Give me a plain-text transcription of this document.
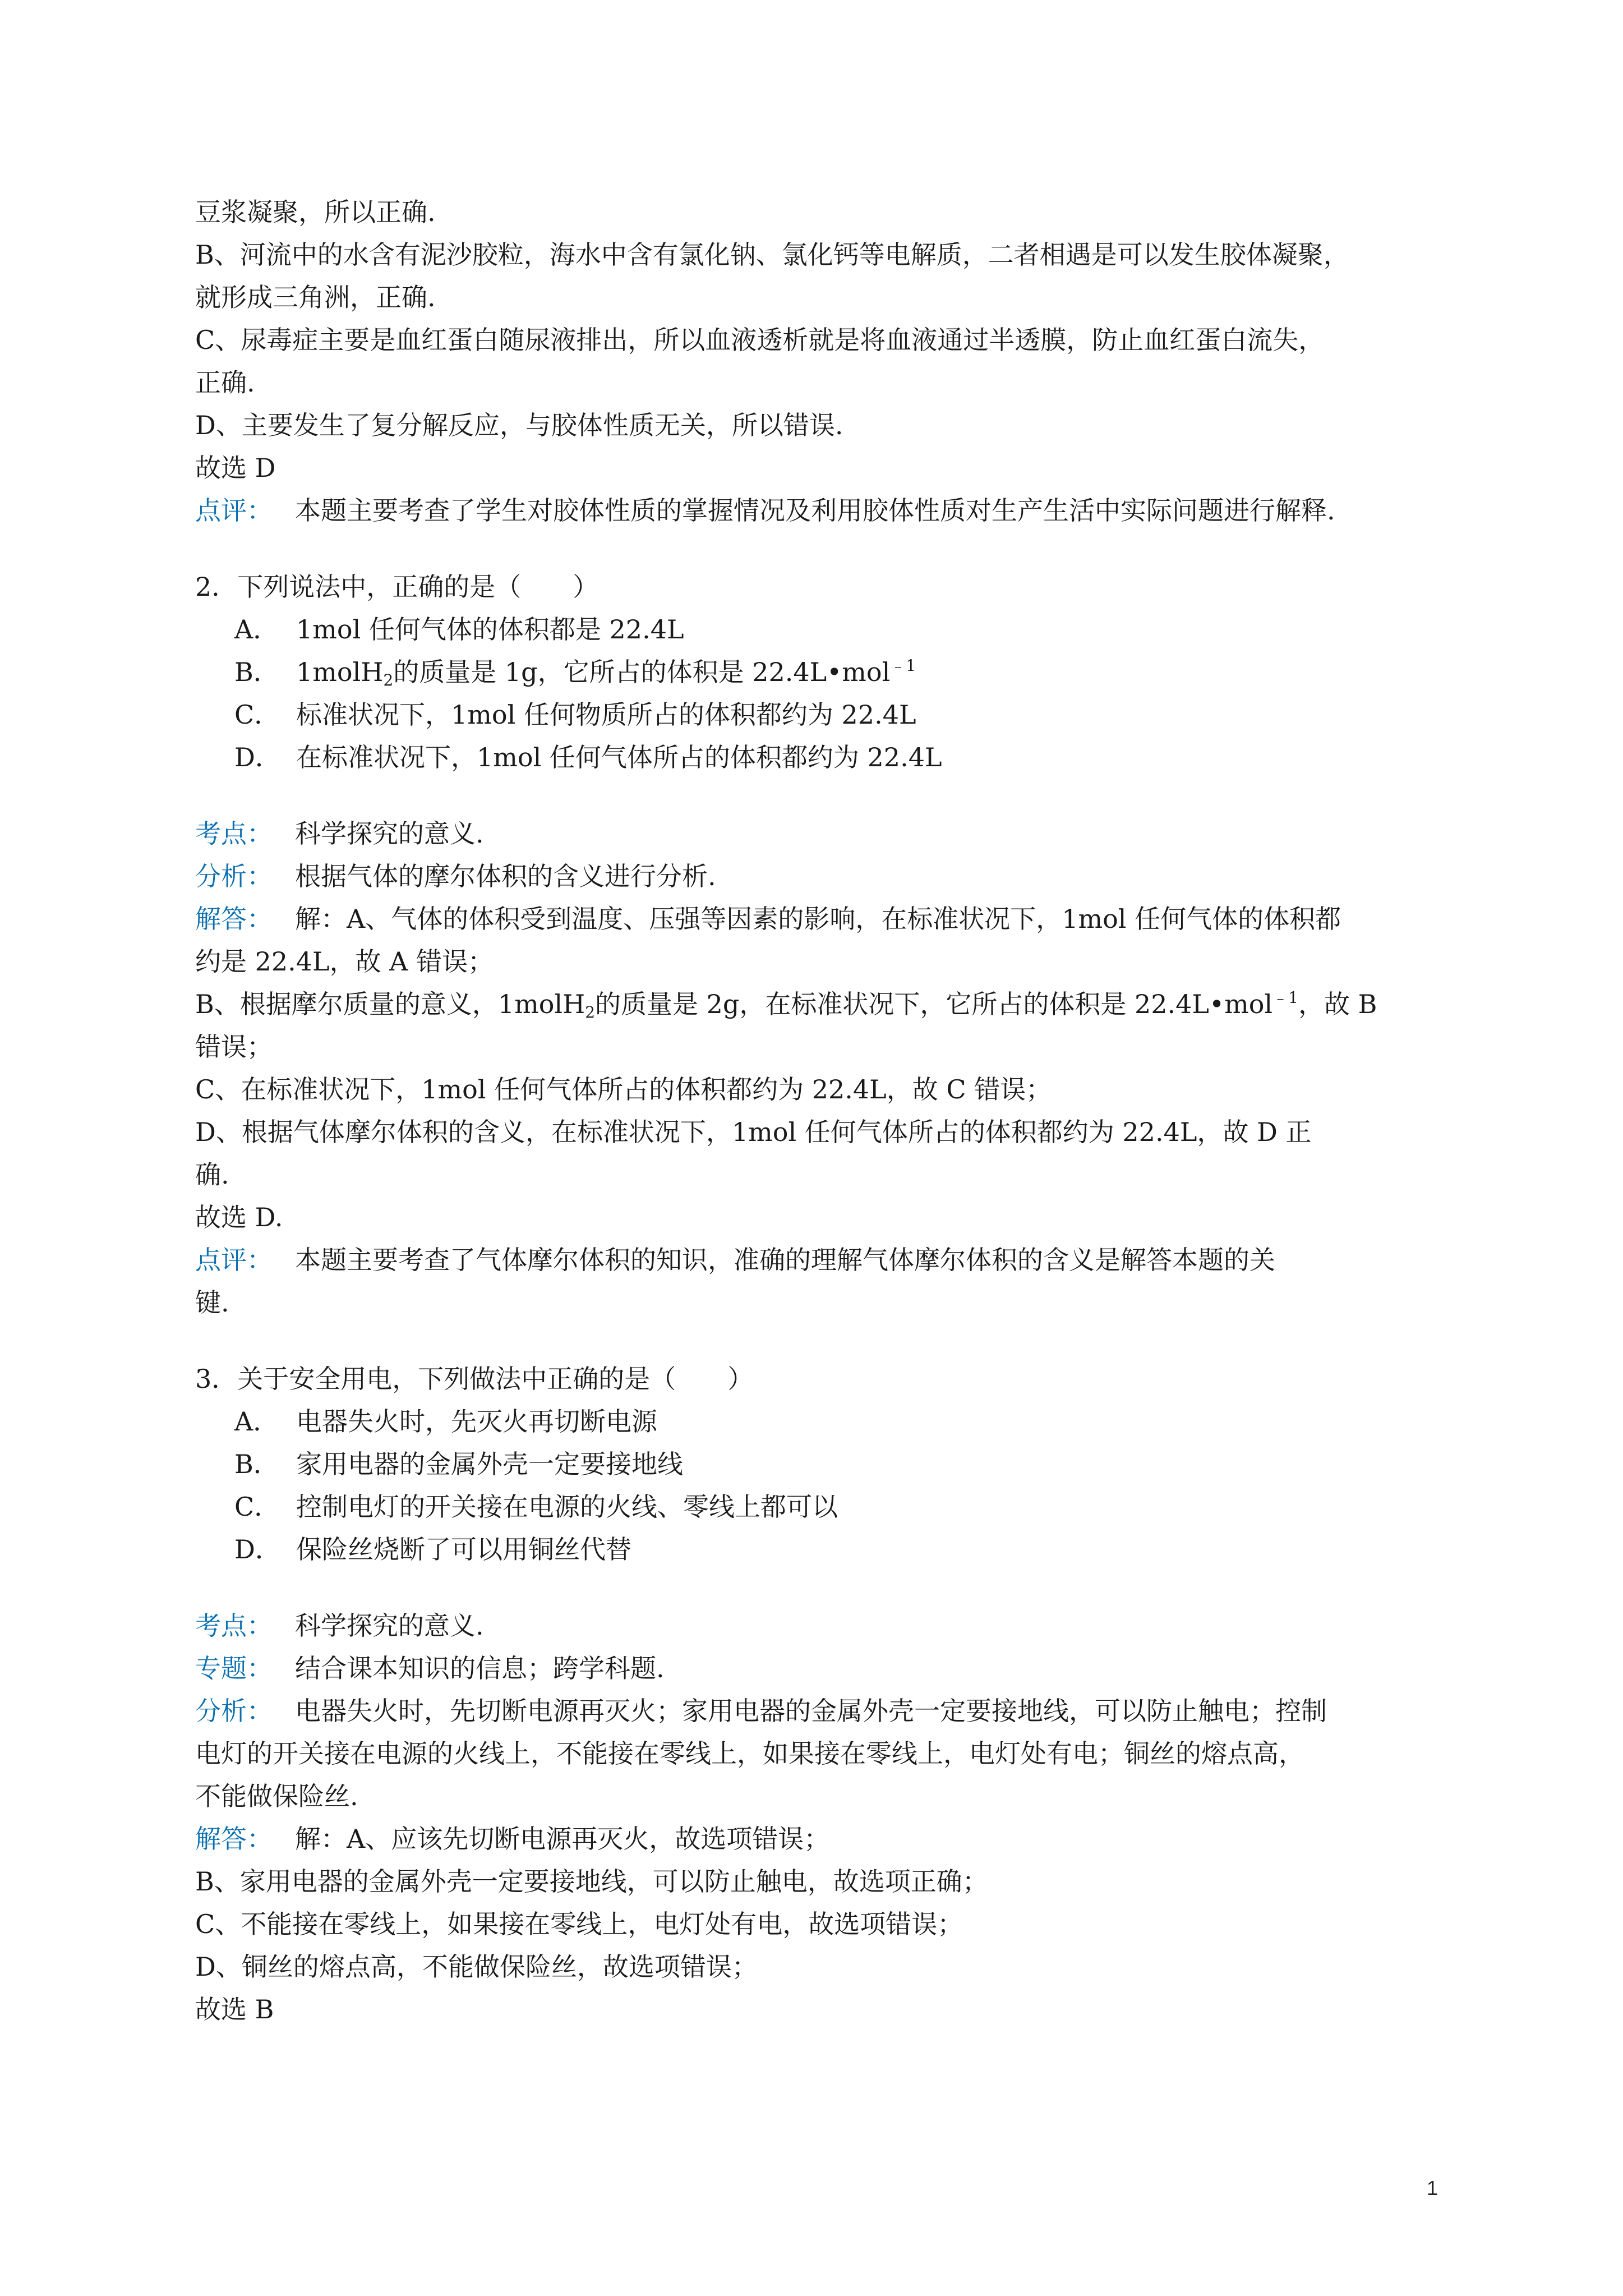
豆浆凝聚，所以正确.
B、河流中的水含有泥沙胶粒，海水中含有氯化钠、氯化钙等电解质，二者相遇是可以发生胶体凝聚，
就形成三角洲，正确.
C、尿毒症主要是血红蛋白随尿液排出，所以血液透析就是将血液通过半透膜，防止血红蛋白流失，
正确.
D、主要发生了复分解反应，与胶体性质无关，所以错误.
故选 D
点评： 本题主要考查了学生对胶体性质的掌握情况及利用胶体性质对生产生活中实际问题进行解释.
2．下列说法中，正确的是（　　）
A． 1mol 任何气体的体积都是 22.4L
B． 1molH$_2$的质量是 1g，它所占的体积是 22.4L•mol$^{﹣1}$
C． 标准状况下，1mol 任何物质所占的体积都约为 22.4L
D． 在标准状况下，1mol 任何气体所占的体积都约为 22.4L
考点： 科学探究的意义.
分析： 根据气体的摩尔体积的含义进行分析.
解答： 解：A、气体的体积受到温度、压强等因素的影响，在标准状况下，1mol 任何气体的体积都
约是 22.4L，故 A 错误；
B、根据摩尔质量的意义，1molH$_2$的质量是 2g，在标准状况下，它所占的体积是 22.4L•mol$^{﹣1}$，故 B
错误；
C、在标准状况下，1mol 任何气体所占的体积都约为 22.4L，故 C 错误；
D、根据气体摩尔体积的含义，在标准状况下，1mol 任何气体所占的体积都约为 22.4L，故 D 正
确.
故选 D.
点评： 本题主要考查了气体摩尔体积的知识，准确的理解气体摩尔体积的含义是解答本题的关
键.
3．关于安全用电，下列做法中正确的是（　　）
A． 电器失火时，先灭火再切断电源
B． 家用电器的金属外壳一定要接地线
C． 控制电灯的开关接在电源的火线、零线上都可以
D． 保险丝烧断了可以用铜丝代替
考点： 科学探究的意义.
专题： 结合课本知识的信息；跨学科题.
分析： 电器失火时，先切断电源再灭火；家用电器的金属外壳一定要接地线，可以防止触电；控制
电灯的开关接在电源的火线上，不能接在零线上，如果接在零线上，电灯处有电；铜丝的熔点高，
不能做保险丝.
解答： 解：A、应该先切断电源再灭火，故选项错误；
B、家用电器的金属外壳一定要接地线，可以防止触电，故选项正确；
C、不能接在零线上，如果接在零线上，电灯处有电，故选项错误；
D、铜丝的熔点高，不能做保险丝，故选项错误；
故选 B
1
